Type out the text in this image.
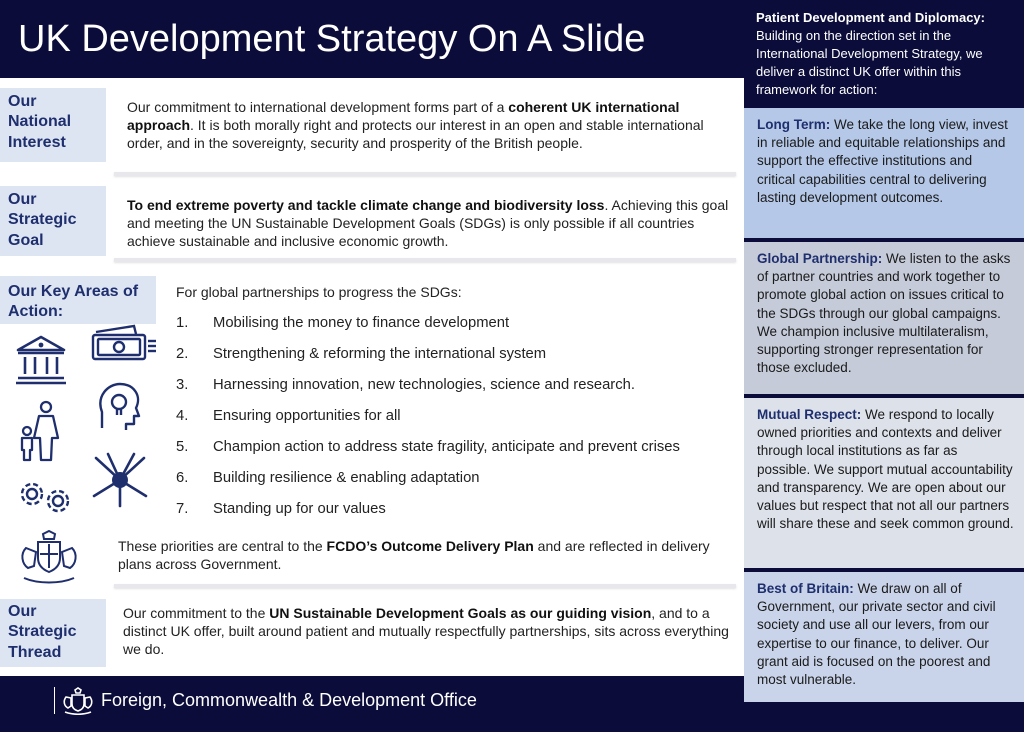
UK Development Strategy On A Slide
Patient Development and Diplomacy: Building on the direction set in the International Development Strategy, we deliver a distinct UK offer within this framework for action:
Long Term: We take the long view, invest in reliable and equitable relationships and support the effective institutions and critical capabilities central to delivering lasting development outcomes.
Global Partnership: We listen to the asks of partner countries and work together to promote global action on issues critical to the SDGs through our global campaigns. We champion inclusive multilateralism, supporting stronger representation for those excluded.
Mutual Respect: We respond to locally owned priorities and contexts and deliver through local institutions as far as possible. We support mutual accountability and transparency. We are open about our values but respect that not all our partners will share these and seek common ground.
Best of Britain: We draw on all of Government, our private sector and civil society and use all our levers, from our expertise to our finance, to deliver. Our grant aid is focused on the poorest and most vulnerable.
Our National Interest
Our Strategic Goal
Our Key Areas of Action:
Our Strategic Thread
Our commitment to international development forms part of a coherent UK international approach. It is both morally right and protects our interest in an open and stable international order, and in the sovereignty, security and prosperity of the British people.
To end extreme poverty and tackle climate change and biodiversity loss. Achieving this goal and meeting the UN Sustainable Development Goals (SDGs) is only possible if all countries achieve sustainable and inclusive economic growth.
For global partnerships to progress the SDGs:
1. Mobilising the money to finance development
2. Strengthening & reforming the international system
3. Harnessing innovation, new technologies, science and research.
4. Ensuring opportunities for all
5. Champion action to address state fragility, anticipate and prevent crises
6. Building resilience & enabling adaptation
7. Standing up for our values
These priorities are central to the FCDO’s Outcome Delivery Plan and are reflected in delivery plans across Government.
Our commitment to the UN Sustainable Development Goals as our guiding vision, and to a distinct UK offer, built around patient and mutually respectfully partnerships, sits across everything we do.
Foreign, Commonwealth & Development Office
